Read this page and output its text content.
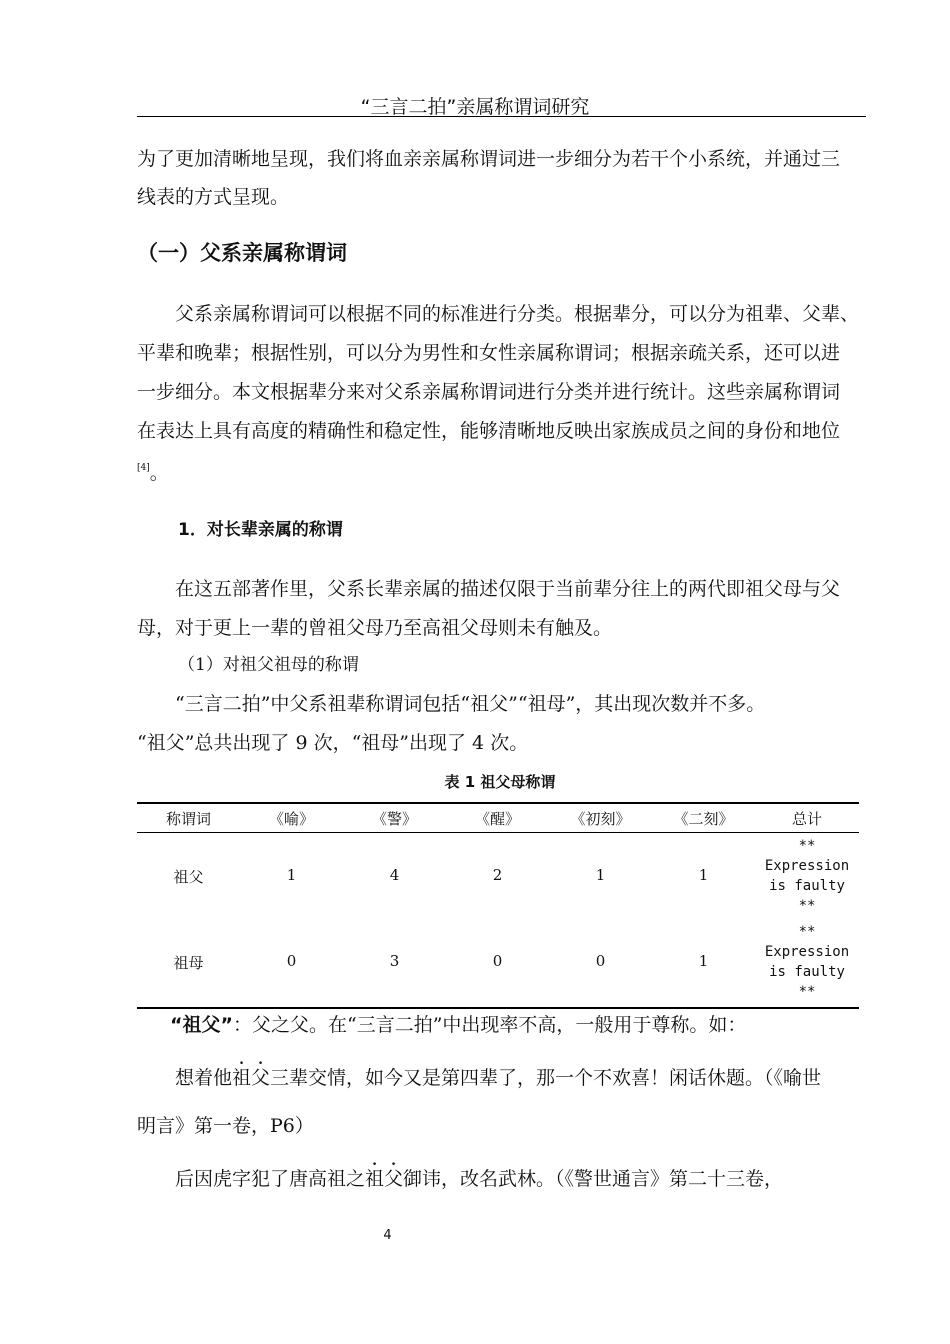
“三言二拍”亲属称谓词研究
为了更加清晰地呈现，我们将血亲亲属称谓词进一步细分为若干个小系统，并通过三
线表的方式呈现。
（一）父系亲属称谓词
父系亲属称谓词可以根据不同的标准进行分类。根据辈分，可以分为祖辈、父辈、
平辈和晚辈；根据性别，可以分为男性和女性亲属称谓词；根据亲疏关系，还可以进
一步细分。本文根据辈分来对父系亲属称谓词进行分类并进行统计。这些亲属称谓词
在表达上具有高度的精确性和稳定性，能够清晰地反映出家族成员之间的身份和地位
[4]。
1．对长辈亲属的称谓
在这五部著作里，父系长辈亲属的描述仅限于当前辈分往上的两代即祖父母与父
母，对于更上一辈的曾祖父母乃至高祖父母则未有触及。
（1）对祖父祖母的称谓
“三言二拍”中父系祖辈称谓词包括“祖父”“祖母”，其出现次数并不多。
“祖父”总共出现了 9 次，“祖母”出现了 4 次。
表 1 祖父母称谓
称谓词	《喻》	《警》	《醒》	《初刻》	《二刻》	总计
祖父	1	4	2	1	1
**
Expression
is faulty
**
祖母	0	3	0	0	1
**
Expression
is faulty
**
“祖父”：父之父。在“三言二拍”中出现率不高，一般用于尊称。如：
想着他
.
祖
.
父三辈交情，如今又是第四辈了，那一个不欢喜！闲话休题。（《喻世
明言》第一卷，P6）
后因虎字犯了唐高祖之
.
祖
.
父御讳，改名武林。（《警世通言》第二十三卷，
4
